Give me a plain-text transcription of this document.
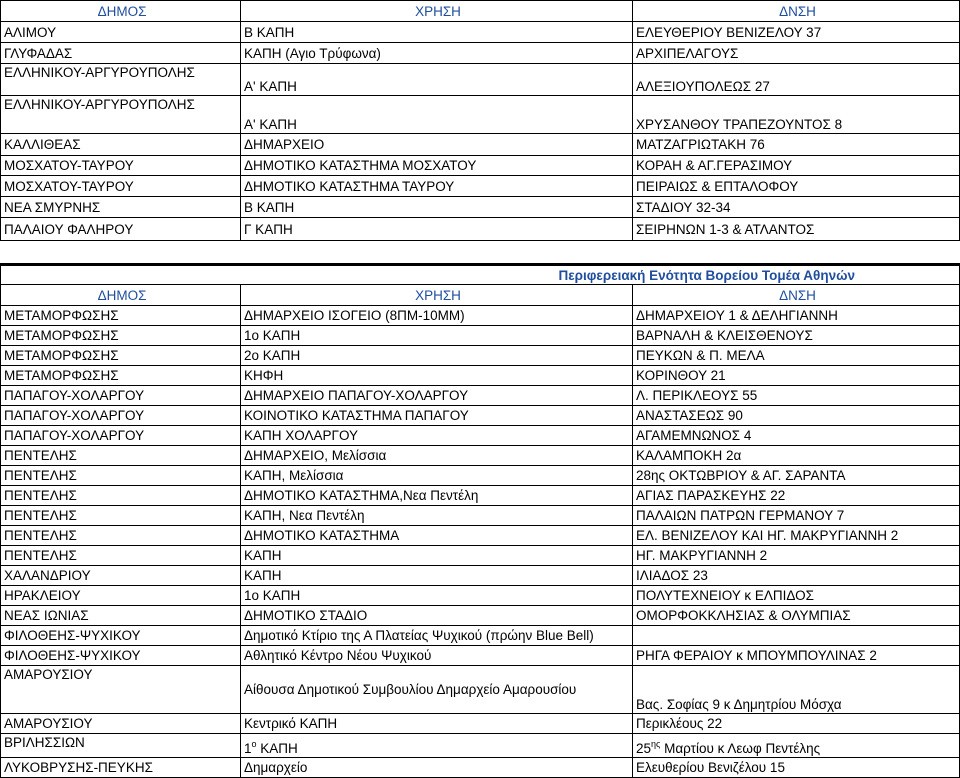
ΔΗΜΟΣ	ΧΡΗΣΗ	ΔΝΣΗ
ΑΛΙΜΟΥ	Β ΚΑΠΗ	ΕΛΕΥΘΕΡΙΟΥ ΒΕΝΙΖΕΛΟΥ 37
ΓΛΥΦΑΔΑΣ	ΚΑΠΗ (Αγιο Τρύφωνα)	ΑΡΧΙΠΕΛΑΓΟΥΣ
ΕΛΛΗΝΙΚΟΥ-ΑΡΓΥΡΟΥΠΟΛΗΣ	Α' ΚΑΠΗ	ΑΛΕΞΙΟΥΠΟΛΕΩΣ 27
ΕΛΛΗΝΙΚΟΥ-ΑΡΓΥΡΟΥΠΟΛΗΣ	Α' ΚΑΠΗ	ΧΡΥΣΑΝΘΟΥ ΤΡΑΠΕΖΟΥΝΤΟΣ 8
ΚΑΛΛΙΘΕΑΣ	ΔΗΜΑΡΧΕΙΟ	ΜΑΤΖΑΓΡΙΩΤΑΚΗ 76
ΜΟΣΧΑΤΟΥ-ΤΑΥΡΟΥ	ΔΗΜΟΤΙΚΟ ΚΑΤΑΣΤΗΜΑ ΜΟΣΧΑΤΟΥ	ΚΟΡΑΗ & ΑΓ.ΓΕΡΑΣΙΜΟΥ
ΜΟΣΧΑΤΟΥ-ΤΑΥΡΟΥ	ΔΗΜΟΤΙΚΟ ΚΑΤΑΣΤΗΜΑ ΤΑΥΡΟΥ	ΠΕΙΡΑΙΩΣ & ΕΠΤΑΛΟΦΟΥ
ΝΕΑ ΣΜΥΡΝΗΣ	Β ΚΑΠΗ	ΣΤΑΔΙΟΥ 32-34
ΠΑΛΑΙΟΥ ΦΑΛΗΡΟΥ	Γ ΚΑΠΗ	ΣΕΙΡΗΝΩΝ 1-3 & ΑΤΛΑΝΤΟΣ
Περιφερειακή Ενότητα Βορείου Τομέα Αθηνών		
ΔΗΜΟΣ	ΧΡΗΣΗ	ΔΝΣΗ
ΜΕΤΑΜΟΡΦΩΣΗΣ	ΔΗΜΑΡΧΕΙΟ ΙΣΟΓΕΙΟ (8ΠΜ-10ΜΜ)	ΔΗΜΑΡΧΕΙΟΥ 1 & ΔΕΛΗΓΙΑΝΝΗ
ΜΕΤΑΜΟΡΦΩΣΗΣ	1ο ΚΑΠΗ	ΒΑΡΝΑΛΗ & ΚΛΕΙΣΘΕΝΟΥΣ
ΜΕΤΑΜΟΡΦΩΣΗΣ	2ο ΚΑΠΗ	ΠΕΥΚΩΝ & Π. ΜΕΛΑ
ΜΕΤΑΜΟΡΦΩΣΗΣ	ΚΗΦΗ	ΚΟΡΙΝΘΟΥ 21
ΠΑΠΑΓΟΥ-ΧΟΛΑΡΓΟΥ	ΔΗΜΑΡΧΕΙΟ ΠΑΠΑΓΟΥ-ΧΟΛΑΡΓΟΥ	Λ. ΠΕΡΙΚΛΕΟΥΣ 55
ΠΑΠΑΓΟΥ-ΧΟΛΑΡΓΟΥ	ΚΟΙΝΟΤΙΚΟ ΚΑΤΑΣΤΗΜΑ ΠΑΠΑΓΟΥ	ΑΝΑΣΤΑΣΕΩΣ 90
ΠΑΠΑΓΟΥ-ΧΟΛΑΡΓΟΥ	ΚΑΠΗ ΧΟΛΑΡΓΟΥ	ΑΓΑΜΕΜΝΩΝΟΣ 4
ΠΕΝΤΕΛΗΣ	ΔΗΜΑΡΧΕΙΟ, Μελίσσια	ΚΑΛΑΜΠΟΚΗ 2α
ΠΕΝΤΕΛΗΣ	ΚΑΠΗ, Μελίσσια	28ης ΟΚΤΩΒΡΙΟΥ & ΑΓ. ΣΑΡΑΝΤΑ
ΠΕΝΤΕΛΗΣ	ΔΗΜΟΤΙΚΟ ΚΑΤΑΣΤΗΜΑ,Νεα Πεντέλη	ΑΓΙΑΣ ΠΑΡΑΣΚΕΥΗΣ 22
ΠΕΝΤΕΛΗΣ	ΚΑΠΗ, Νεα Πεντέλη	ΠΑΛΑΙΩΝ ΠΑΤΡΩΝ ΓΕΡΜΑΝΟΥ 7
ΠΕΝΤΕΛΗΣ	ΔΗΜΟΤΙΚΟ ΚΑΤΑΣΤΗΜΑ	ΕΛ. ΒΕΝΙΖΕΛΟΥ ΚΑΙ ΗΓ. ΜΑΚΡΥΓΙΑΝΝΗ 2
ΠΕΝΤΕΛΗΣ	ΚΑΠΗ	ΗΓ. ΜΑΚΡΥΓΙΑΝΝΗ 2
ΧΑΛΑΝΔΡΙΟΥ	ΚΑΠΗ	ΙΛΙΑΔΟΣ 23
ΗΡΑΚΛΕΙΟΥ	1ο ΚΑΠΗ	ΠΟΛΥΤΕΧΝΕΙΟΥ κ ΕΛΠΙΔΟΣ
ΝΕΑΣ ΙΩΝΙΑΣ	ΔΗΜΟΤΙΚΟ ΣΤΑΔΙΟ	ΟΜΟΡΦΟΚΚΛΗΣΙΑΣ & ΟΛΥΜΠΙΑΣ
ΦΙΛΟΘΕΗΣ-ΨΥΧΙΚΟΥ	Δημοτικό Κτίριο της Α Πλατείας Ψυχικού (πρώην Blue Bell)	
ΦΙΛΟΘΕΗΣ-ΨΥΧΙΚΟΥ	Αθλητικό Κέντρο Νέου Ψυχικού	ΡΗΓΑ ΦΕΡΑΙΟΥ κ ΜΠΟΥΜΠΟΥΛΙΝΑΣ 2
ΑΜΑΡΟΥΣΙΟΥ	Αίθουσα Δημοτικού Συμβουλίου Δημαρχείο Αμαρουσίου	Βας. Σοφίας 9 κ Δημητρίου Μόσχα
ΑΜΑΡΟΥΣΙΟΥ	Κεντρικό ΚΑΠΗ	Περικλέους 22
ΒΡΙΛΗΣΣΙΩΝ	$1^o$ ΚΑΠΗ	$25^{\eta\varsigma}$ Μαρτίου κ Λεωφ Πεντέλης
ΛΥΚΟΒΡΥΣΗΣ-ΠΕΥΚΗΣ	Δημαρχείο	Ελευθερίου Βενιζέλου 15
